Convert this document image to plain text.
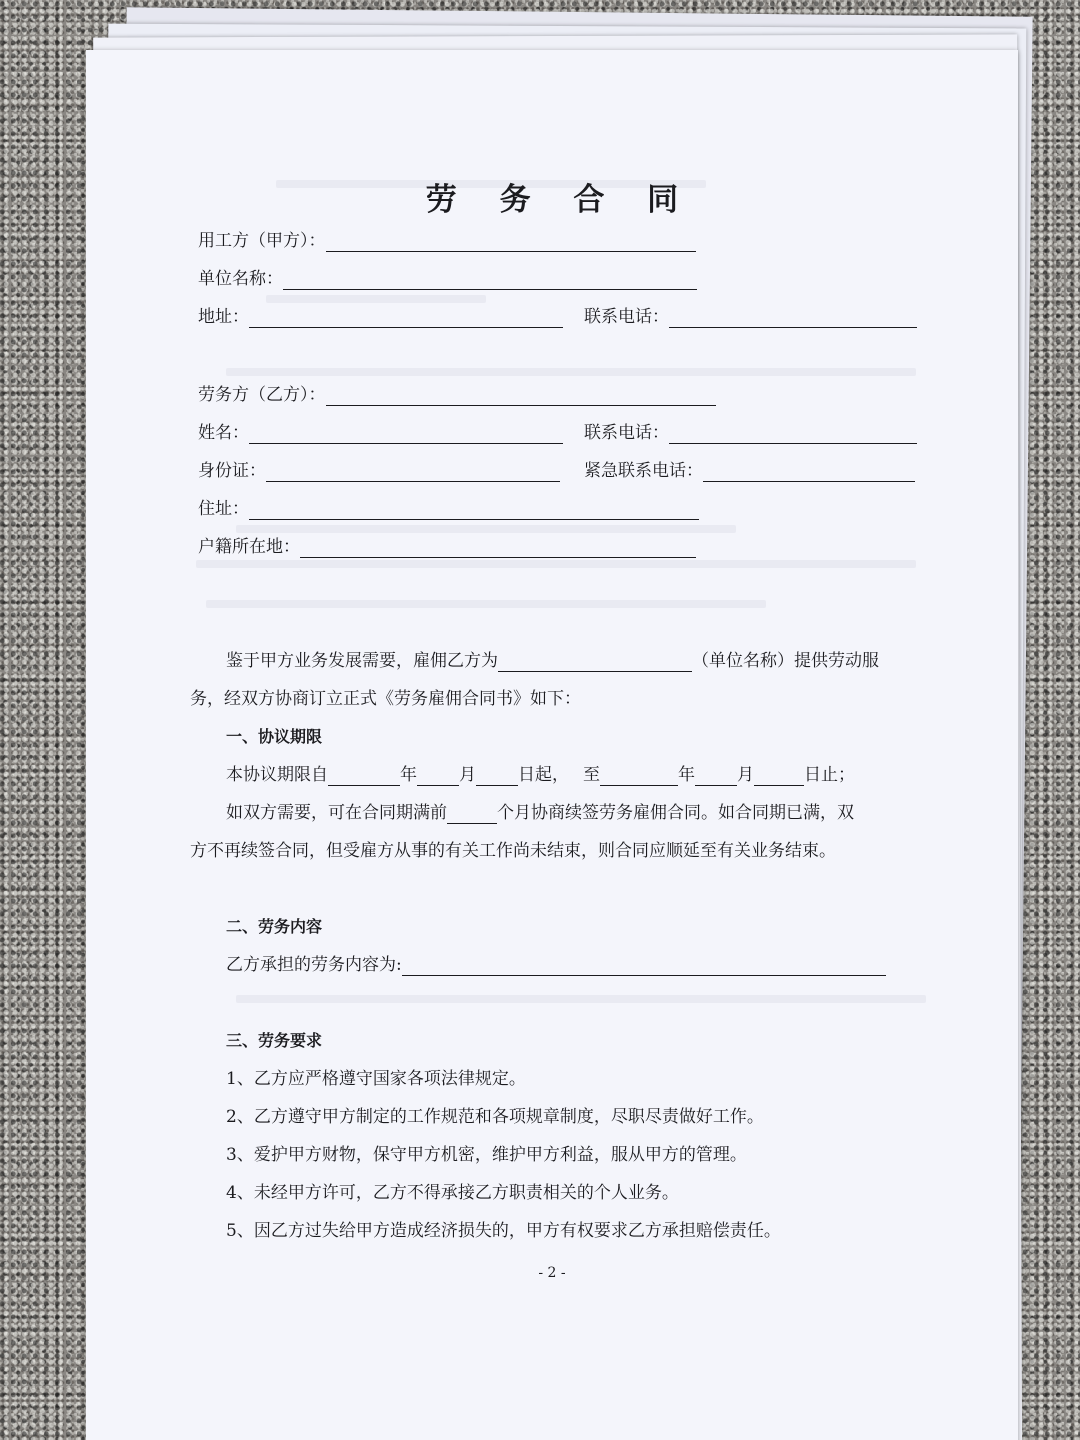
劳 务 合 同
用工方（甲方）：
单位名称：
地址：	联系电话：
劳务方（乙方）：
姓名：	联系电话：
身份证：	紧急联系电话：
住址：
户籍所在地：
鉴于甲方业务发展需要，雇佣乙方为	（单位名称）提供劳动服
务，经双方协商订立正式《劳务雇佣合同书》如下：
一、协议期限
本协议期限自	年 月 日起， 至	年 月	日止；
如双方需要，可在合同期满前	个月协商续签劳务雇佣合同。如合同期已满，双
方不再续签合同，但受雇方从事的有关工作尚未结束，则合同应顺延至有关业务结束。
二、劳务内容
乙方承担的劳务内容为:
三、劳务要求
1、乙方应严格遵守国家各项法律规定。
2、乙方遵守甲方制定的工作规范和各项规章制度，尽职尽责做好工作。
3、爱护甲方财物，保守甲方机密，维护甲方利益，服从甲方的管理。
4、未经甲方许可，乙方不得承接乙方职责相关的个人业务。
5、因乙方过失给甲方造成经济损失的，甲方有权要求乙方承担赔偿责任。
- 2 -
